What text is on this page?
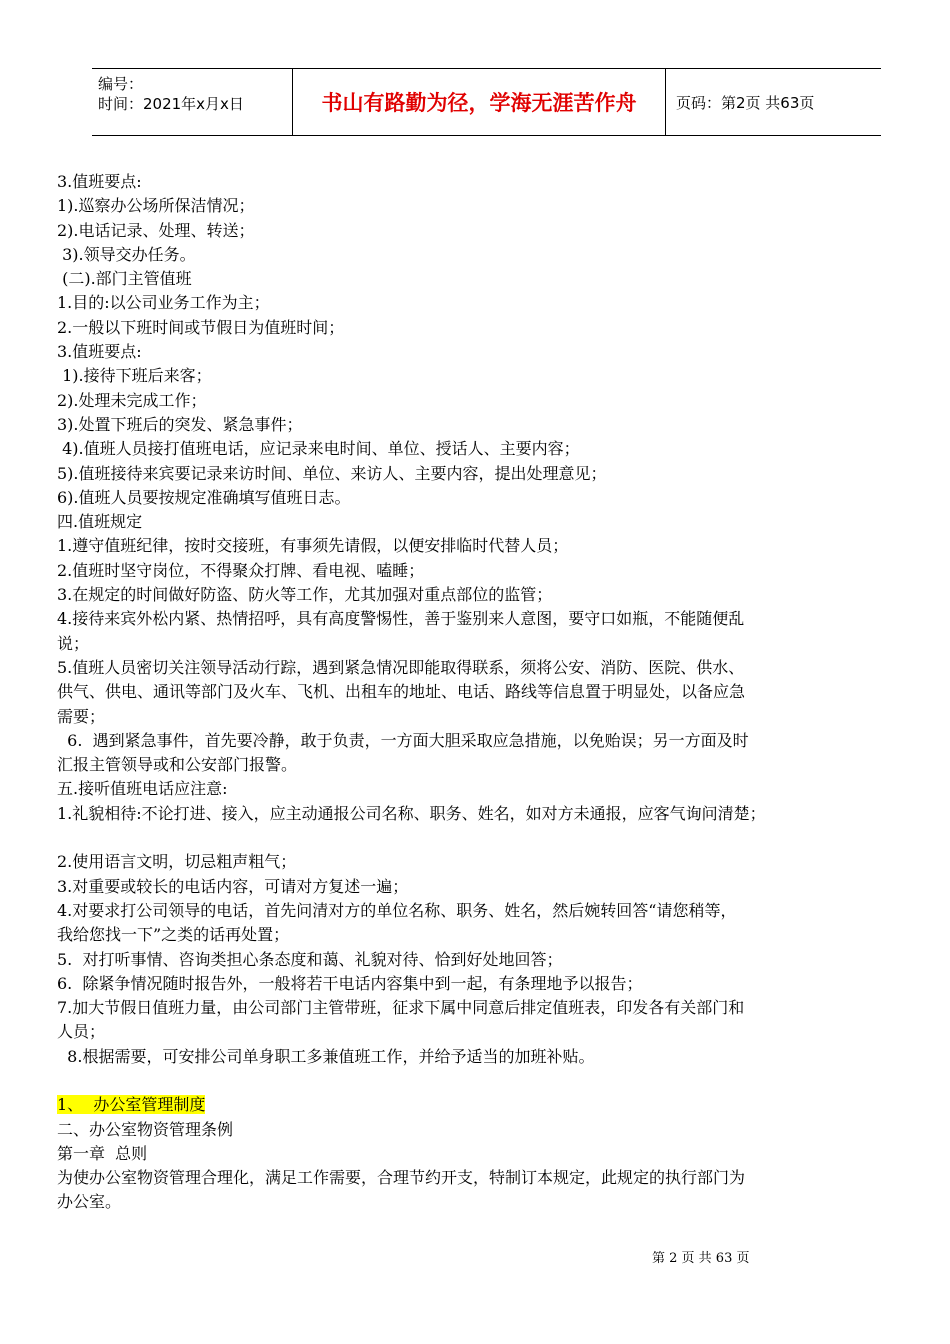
编号：
时间：2021年x月x日	书山有路勤为径，学海无涯苦作舟	页码：第2页 共63页

3.值班要点:

1).巡察办公场所保洁情况；

2).电话记录、处理、转送；

3).领导交办任务。

(二).部门主管值班

1.目的:以公司业务工作为主；

2.一般以下班时间或节假日为值班时间；

3.值班要点:

1).接待下班后来客；

2).处理未完成工作；

3).处置下班后的突发、紧急事件；

4).值班人员接打值班电话，应记录来电时间、单位、授话人、主要内容；

5).值班接待来宾要记录来访时间、单位、来访人、主要内容，提出处理意见；

6).值班人员要按规定准确填写值班日志。

四.值班规定

1.遵守值班纪律，按时交接班，有事须先请假，以便安排临时代替人员；

2.值班时坚守岗位，不得聚众打牌、看电视、嗑睡；

3.在规定的时间做好防盗、防火等工作，尤其加强对重点部位的监管；

4.接待来宾外松内紧、热情招呼，具有高度警惕性，善于鉴别来人意图，要守口如瓶，不能随便乱

说；

5.值班人员密切关注领导活动行踪，遇到紧急情况即能取得联系，须将公安、消防、医院、供水、

供气、供电、通讯等部门及火车、飞机、出租车的地址、电话、路线等信息置于明显处，以备应急

需要；

6.  遇到紧急事件，首先要冷静，敢于负责，一方面大胆采取应急措施，以免贻误；另一方面及时

汇报主管领导或和公安部门报警。

五.接听值班电话应注意:

1.礼貌相待:不论打进、接入，应主动通报公司名称、职务、姓名，如对方未通报，应客气询问清楚；

2.使用语言文明，切忌粗声粗气；

3.对重要或较长的电话内容，可请对方复述一遍；

4.对要求打公司领导的电话，首先问清对方的单位名称、职务、姓名，然后婉转回答“请您稍等，

我给您找一下”之类的话再处置；

5.  对打听事情、咨询类担心条态度和蔼、礼貌对待、恰到好处地回答；

6.  除紧争情况随时报告外，一般将若干电话内容集中到一起，有条理地予以报告；

7.加大节假日值班力量，由公司部门主管带班，征求下属中同意后排定值班表，印发各有关部门和

人员；

8.根据需要，可安排公司单身职工多兼值班工作，并给予适当的加班补贴。

1、  办公室管理制度

二、办公室物资管理条例

第一章  总则

为使办公室物资管理合理化，满足工作需要，合理节约开支，特制订本规定，此规定的执行部门为

办公室。

第 2 页 共 63 页
